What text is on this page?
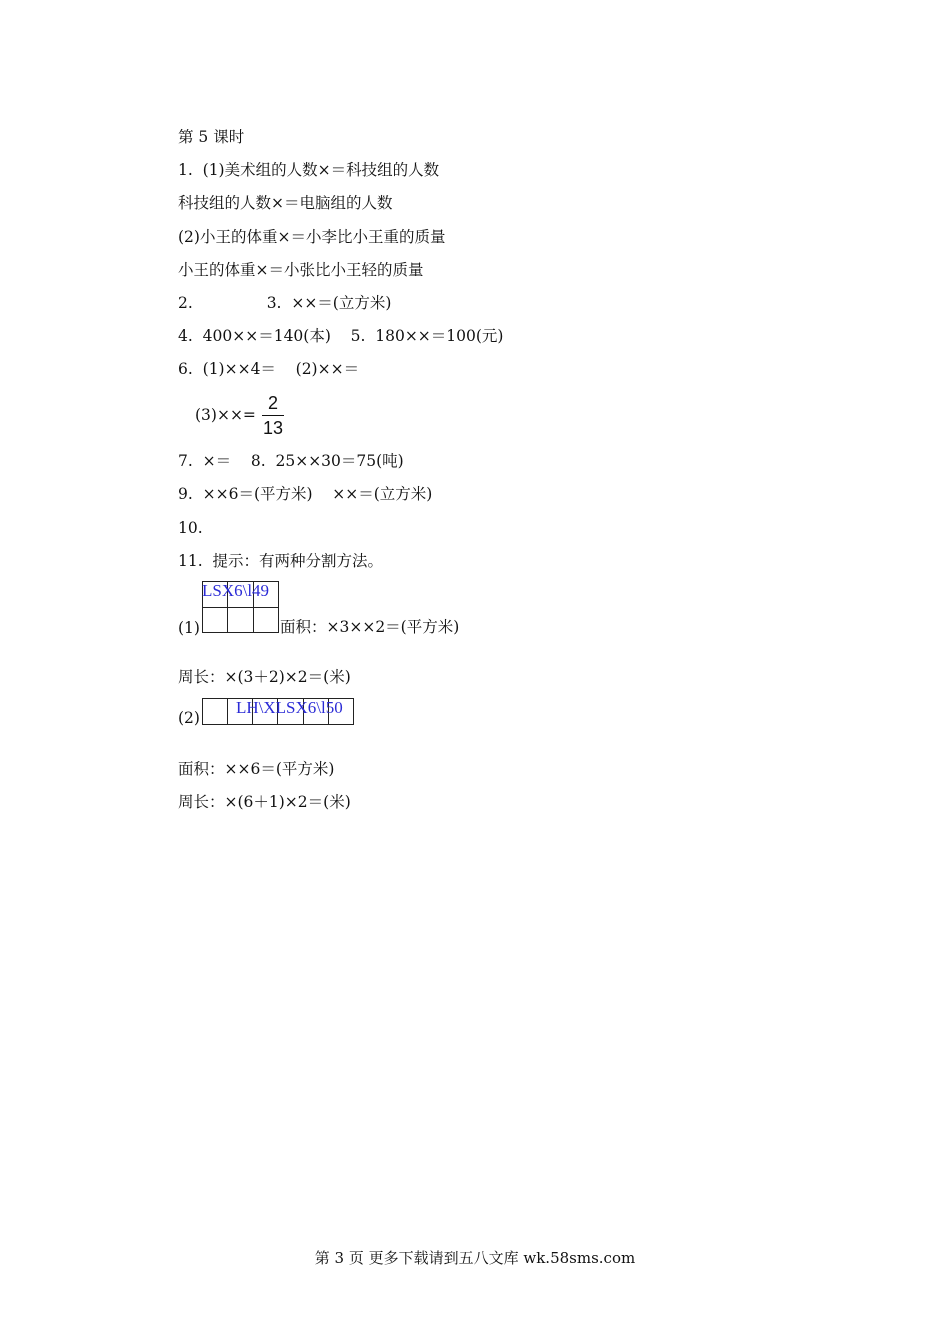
第 5 课时
1.  (1)美术组的人数×＝科技组的人数
科技组的人数×＝电脑组的人数
(2)小王的体重×＝小李比小王重的质量
小王的体重×＝小张比小王轻的质量
2.               3.  ××＝(立方米)
4.  400××＝140(本)    5.  180××＝100(元)
6.  (1)××4＝    (2)××＝
(3)××=
2
13
7.  ×＝    8.  25××30＝75(吨)
9.  ××6＝(平方米)    ××＝(立方米)
10.
11.  提示：有两种分割方法。
(1)

LSX6\l49
面积：×3××2＝(平方米)
周长：×(3＋2)×2＝(米)
(2)

LH\XLSX6\l50
面积：××6＝(平方米)
周长：×(6＋1)×2＝(米)
第 3 页 更多下载请到五八文库 wk.58sms.com
